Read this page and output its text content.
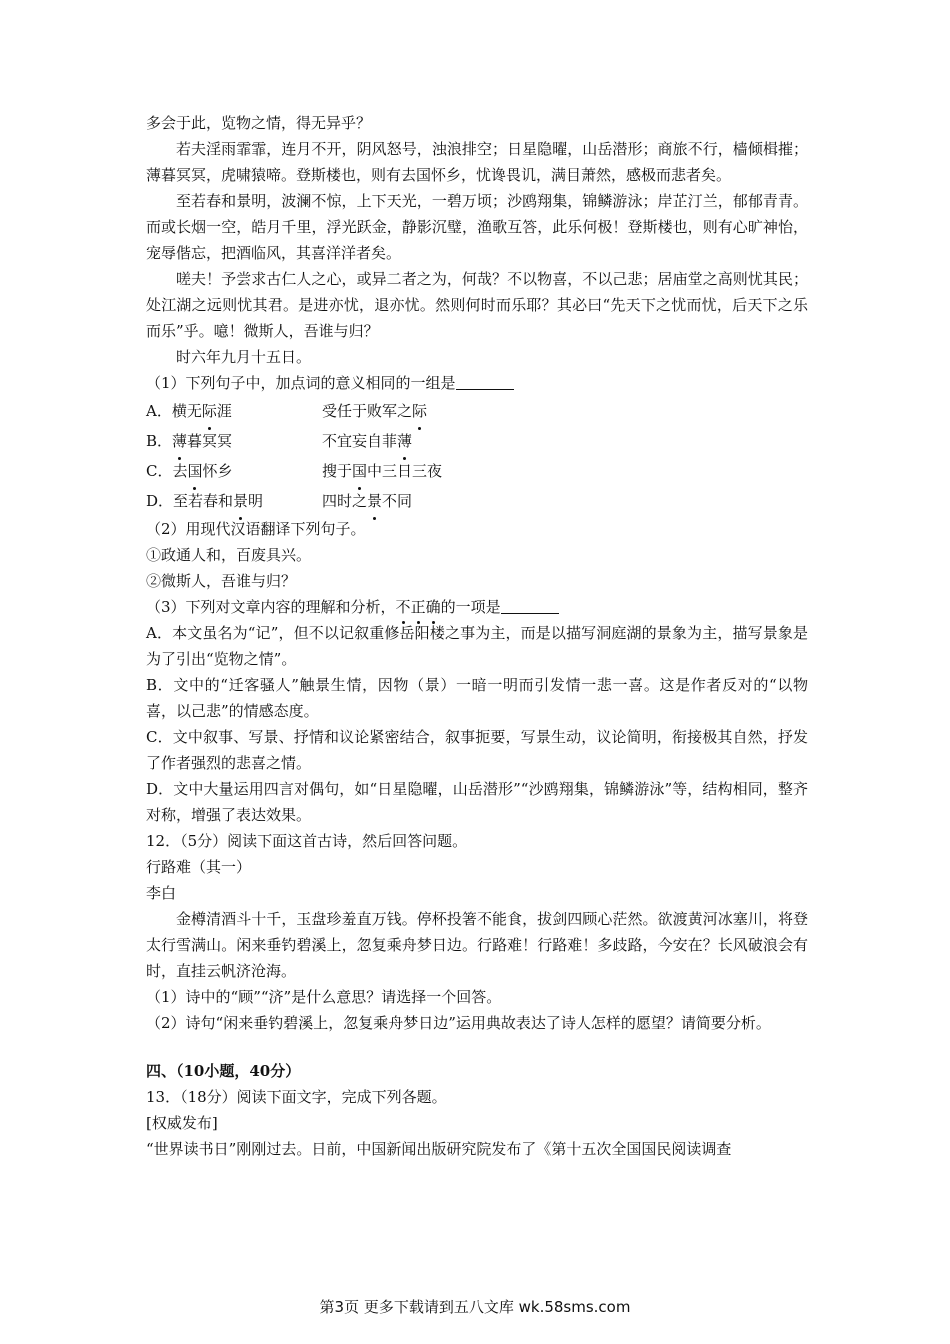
多会于此，览物之情，得无异乎？

若夫淫雨霏霏，连月不开，阴风怒号，浊浪排空；日星隐曜，山岳潜形；商旅不行，樯倾楫摧；薄暮冥冥，虎啸猿啼。登斯楼也，则有去国怀乡，忧谗畏讥，满目萧然，感极而悲者矣。

至若春和景明，波澜不惊，上下天光，一碧万顷；沙鸥翔集，锦鳞游泳；岸芷汀兰，郁郁青青。而或长烟一空，皓月千里，浮光跃金，静影沉璧，渔歌互答，此乐何极！登斯楼也，则有心旷神怡，宠辱偕忘，把酒临风，其喜洋洋者矣。

嗟夫！予尝求古仁人之心，或异二者之为，何哉？不以物喜，不以己悲；居庙堂之高则忧其民；处江湖之远则忧其君。是进亦忧，退亦忧。然则何时而乐耶？其必曰“先天下之忧而忧，后天下之乐而乐”乎。噫！微斯人，吾谁与归？

时六年九月十五日。

（1）下列句子中，加点词的意义相同的一组是

A．横无际涯	受任于败军之际
B．薄暮冥冥	不宜妄自菲薄
C．去国怀乡	搜于国中三日三夜
D．至若春和景明	四时之景不同

（2）用现代汉语翻译下列句子。

①政通人和，百废具兴。

②微斯人，吾谁与归？

（3）下列对文章内容的理解和分析，不正确的一项是

A．本文虽名为“记”，但不以记叙重修岳阳楼之事为主，而是以描写洞庭湖的景象为主，描写景象是为了引出“览物之情”。

B．文中的“迁客骚人”触景生情，因物（景）一暗一明而引发情一悲一喜。这是作者反对的“以物喜，以己悲”的情感态度。

C．文中叙事、写景、抒情和议论紧密结合，叙事扼要，写景生动，议论简明，衔接极其自然，抒发了作者强烈的悲喜之情。

D．文中大量运用四言对偶句，如“日星隐曜，山岳潜形”“沙鸥翔集，锦鳞游泳”等，结构相同，整齐对称，增强了表达效果。

12．（5分）阅读下面这首古诗，然后回答问题。

行路难（其一）

李白

金樽清酒斗十千，玉盘珍羞直万钱。停杯投箸不能食，拔剑四顾心茫然。欲渡黄河冰塞川，将登太行雪满山。闲来垂钓碧溪上，忽复乘舟梦日边。行路难！行路难！多歧路，今安在？长风破浪会有时，直挂云帆济沧海。

（1）诗中的“顾”“济”是什么意思？请选择一个回答。

（2）诗句“闲来垂钓碧溪上，忽复乘舟梦日边”运用典故表达了诗人怎样的愿望？请简要分析。

四、（10小题，40分）

13．（18分）阅读下面文字，完成下列各题。

[权威发布]

“世界读书日”刚刚过去。日前，中国新闻出版研究院发布了《第十五次全国国民阅读调查

第3页 更多下载请到五八文库 wk.58sms.com
